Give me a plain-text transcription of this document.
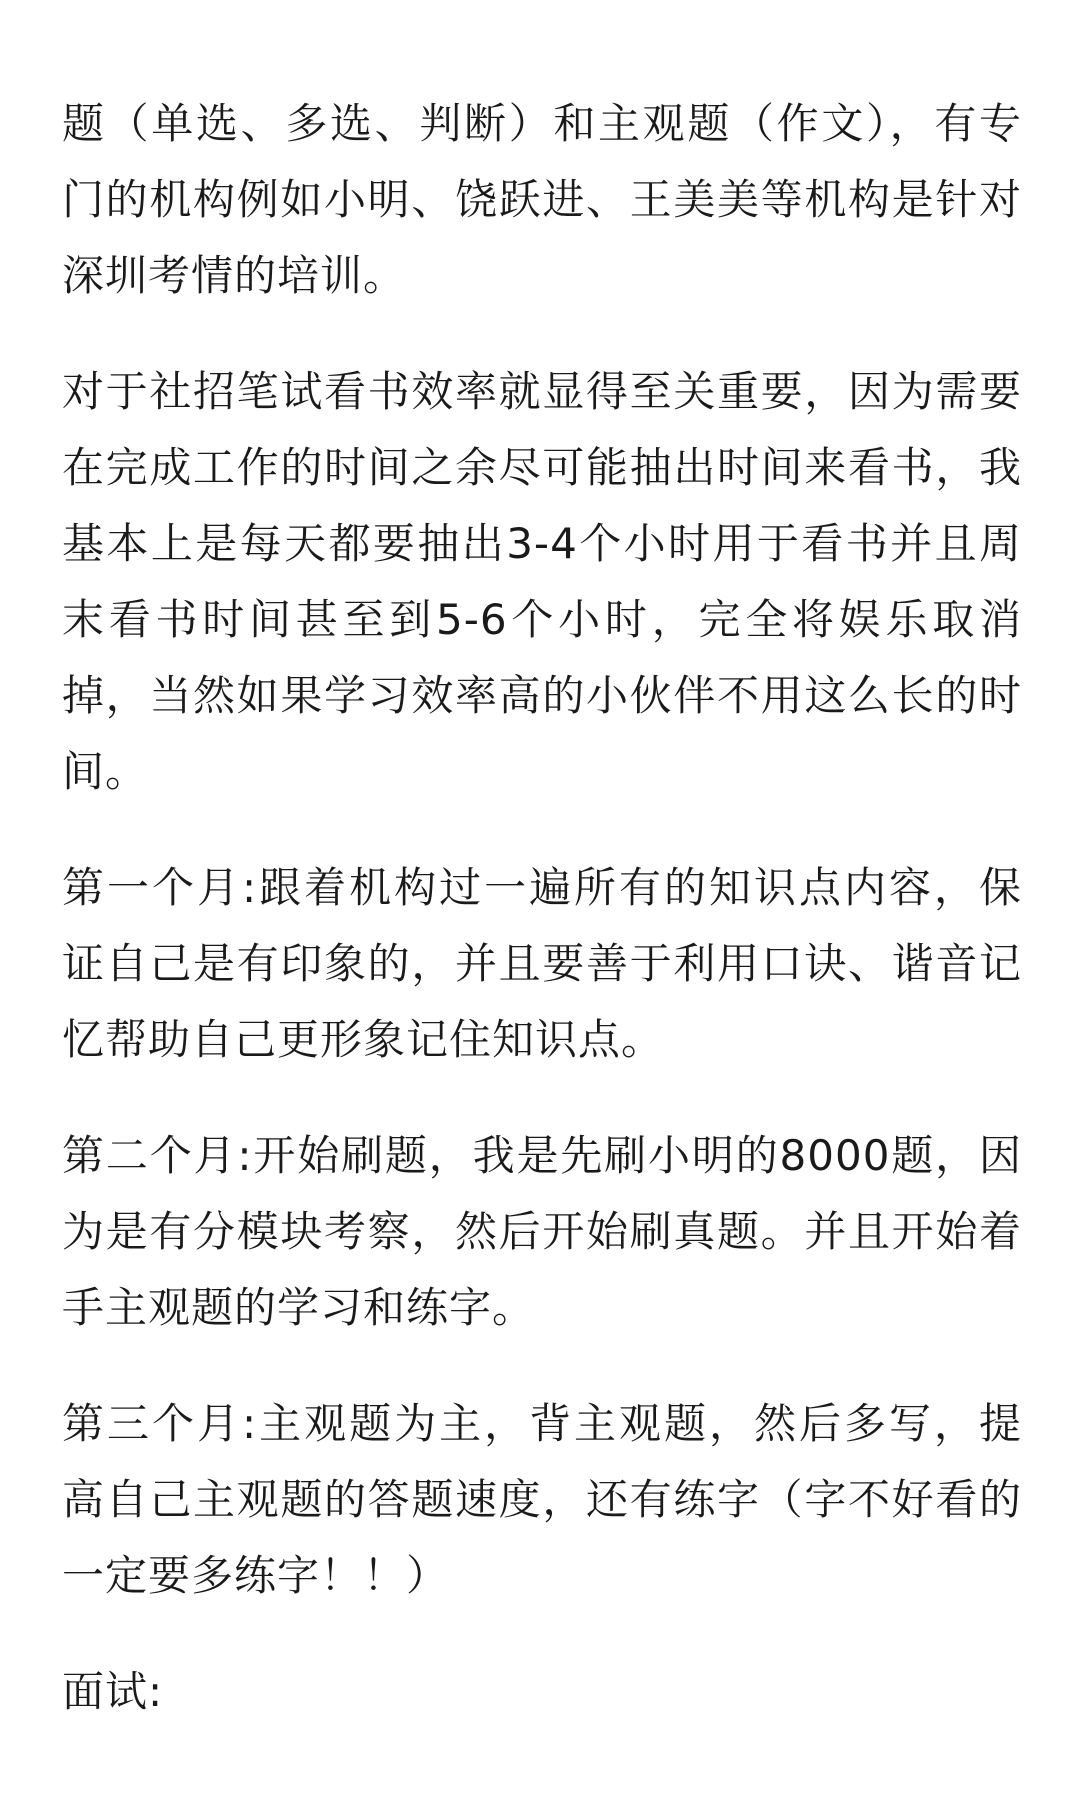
题（单选、多选、判断）和主观题（作文），有专
门的机构例如小明、饶跃进、王美美等机构是针对
深圳考情的培训。

对于社招笔试看书效率就显得至关重要，因为需要
在完成工作的时间之余尽可能抽出时间来看书，我
基本上是每天都要抽出3-4个小时用于看书并且周
末看书时间甚至到5-6个小时，完全将娱乐取消
掉，当然如果学习效率高的小伙伴不用这么长的时
间。

第一个月:跟着机构过一遍所有的知识点内容，保
证自己是有印象的，并且要善于利用口诀、谐音记
忆帮助自己更形象记住知识点。

第二个月:开始刷题，我是先刷小明的8000题，因
为是有分模块考察，然后开始刷真题。并且开始着
手主观题的学习和练字。

第三个月:主观题为主，背主观题，然后多写，提
高自己主观题的答题速度，还有练字（字不好看的
一定要多练字！！）

面试:
